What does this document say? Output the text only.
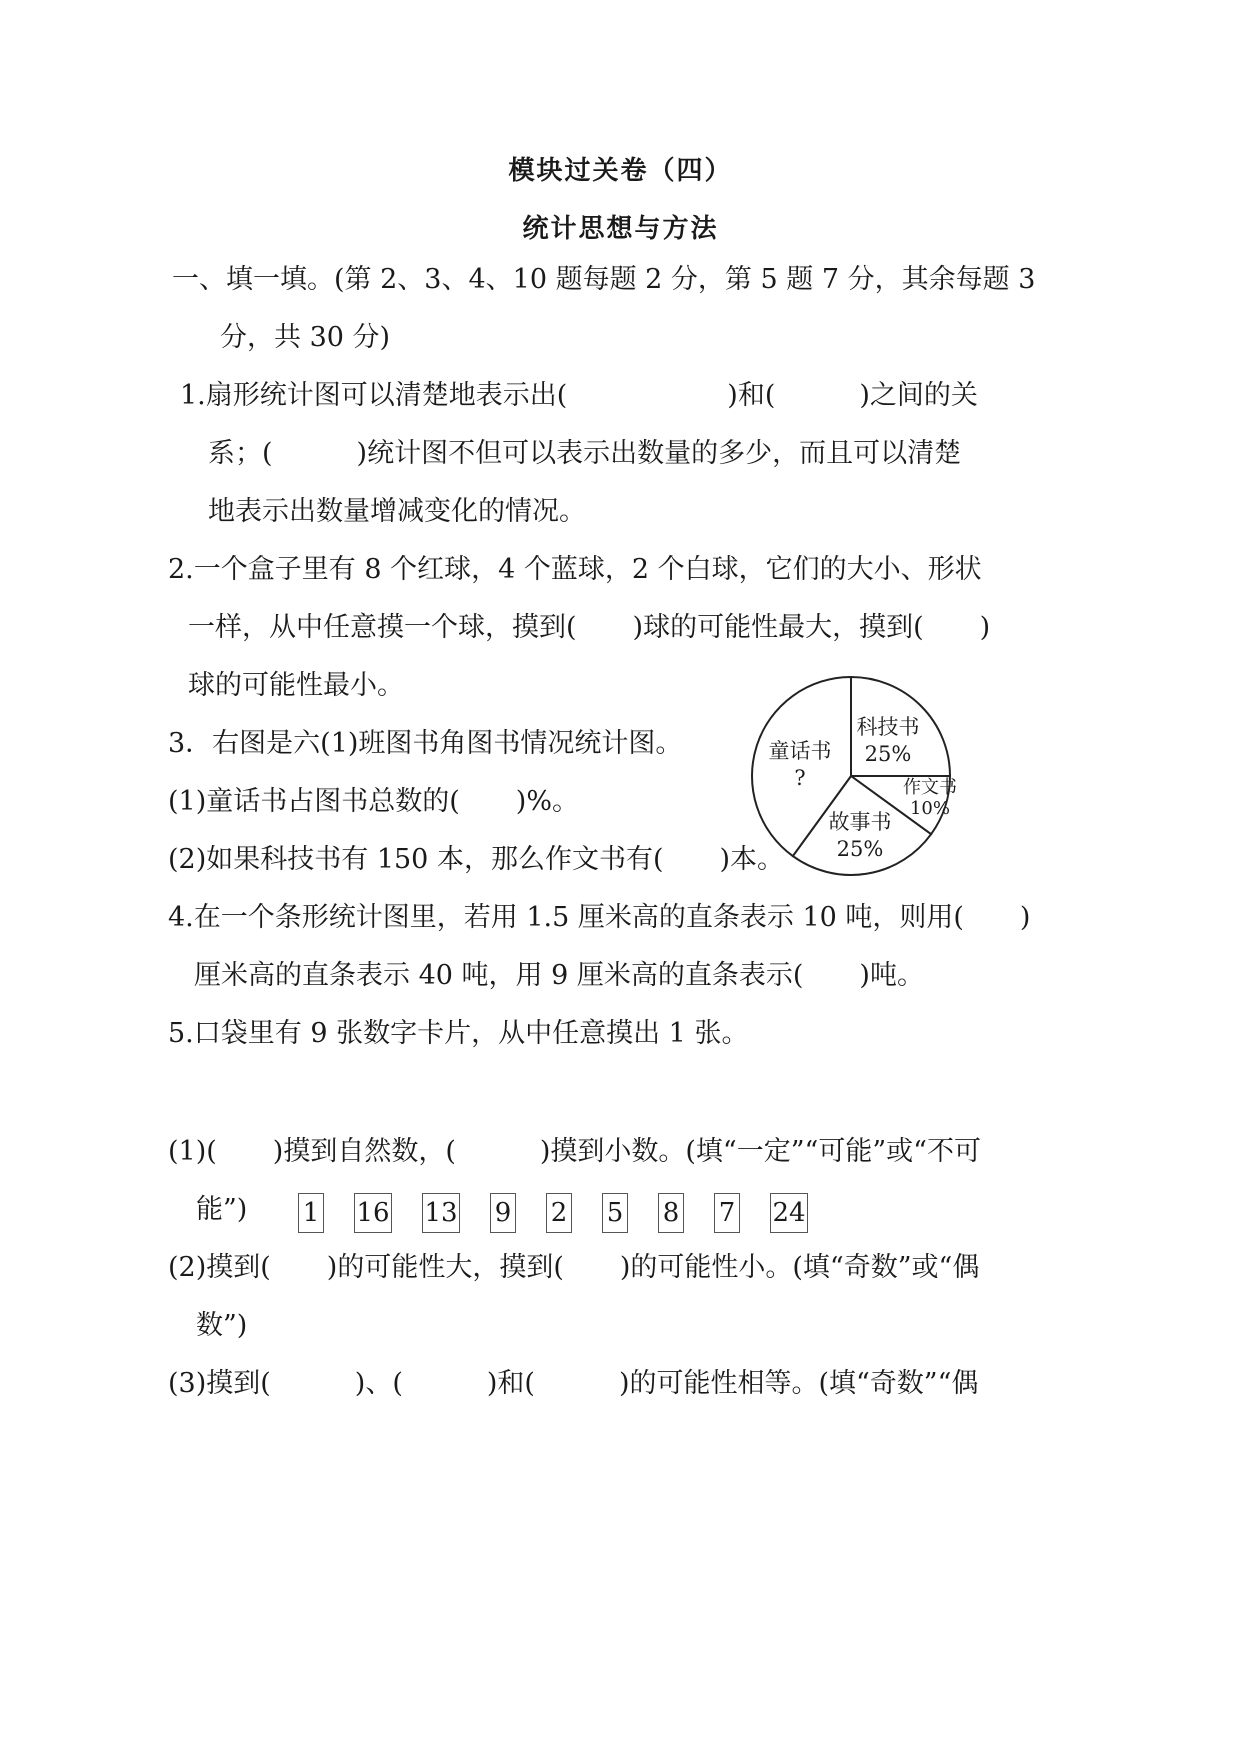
模块过关卷（四）
统计思想与方法
一、填一填。(第 2、3、4、10 题每题 2 分，第 5 题 7 分，其余每题 3
分，共 30 分)
1.扇形统计图可以清楚地表示出(	)和(	)之间的关
系；(	)统计图不但可以表示出数量的多少，而且可以清楚
地表示出数量增减变化的情况。
2.一个盒子里有 8 个红球，4 个蓝球，2 个白球，它们的大小、形状
一样，从中任意摸一个球，摸到( )球的可能性最大，摸到( )
球的可能性最小。
3．右图是六(1)班图书角图书情况统计图。
(1)童话书占图书总数的( )%。
(2)如果科技书有 150 本，那么作文书有( )本。
科技书
25%
作文书
10%
故事书
25%
童话书
?
4.在一个条形统计图里，若用 1.5 厘米高的直条表示 10 吨，则用( )
厘米高的直条表示 40 吨，用 9 厘米高的直条表示( )吨。
5.口袋里有 9 张数字卡片，从中任意摸出 1 张。
1 16 13 9 2 5 8 7 24
(1)( )摸到自然数，(	)摸到小数。(填“一定”“可能”或“不可
能”)
(2)摸到( )的可能性大，摸到( )的可能性小。(填“奇数”或“偶
数”)
(3)摸到(	)、(	)和(	)的可能性相等。(填“奇数”“偶
